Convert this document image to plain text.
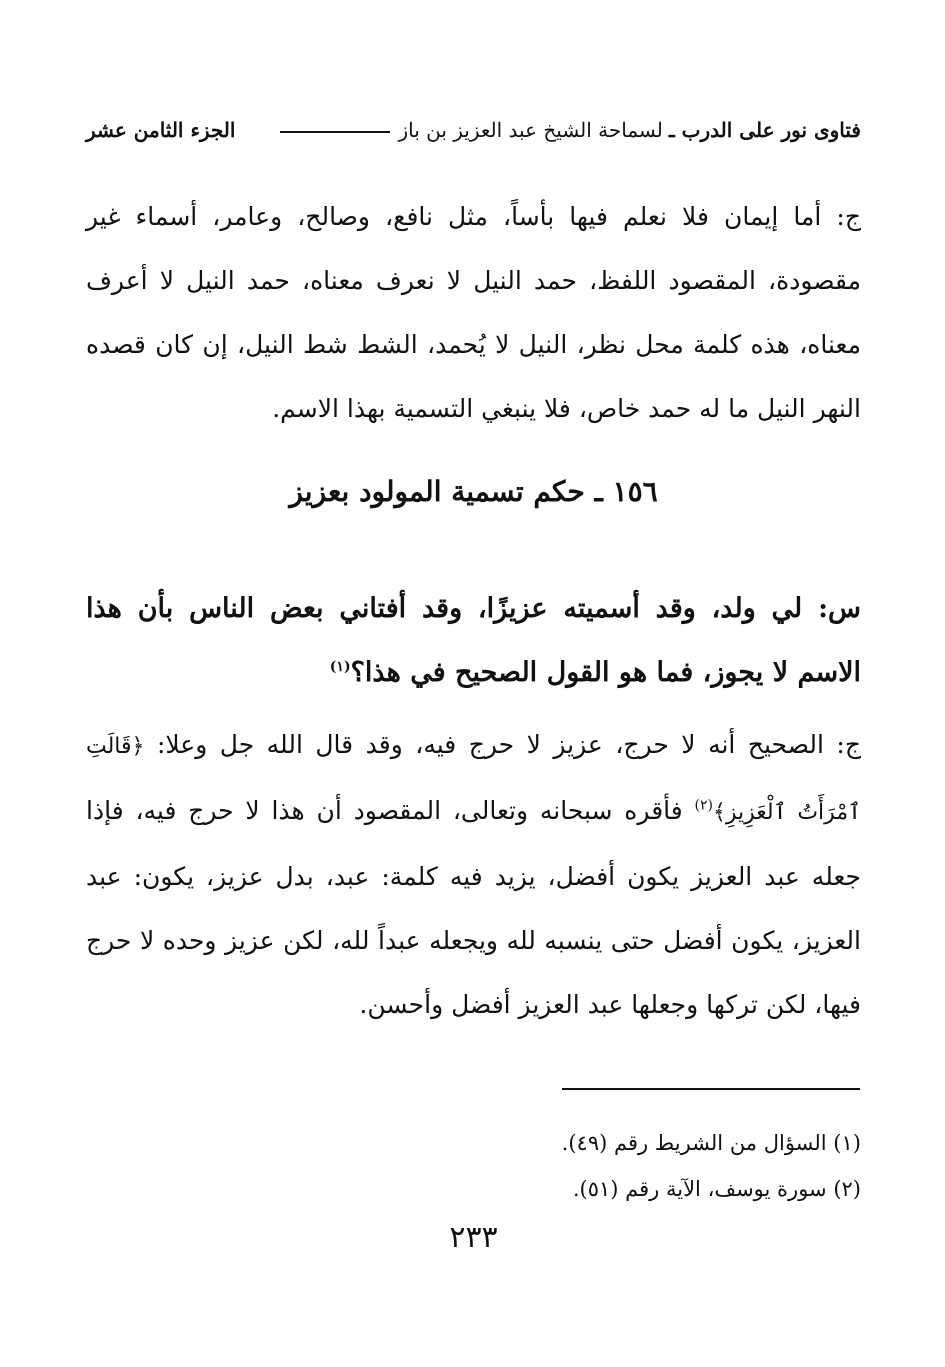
فتاوى نور على الدرب ـ
لسماحة الشيخ عبد العزيز بن باز
الجزء الثامن عشر

ج: أما إيمان فلا نعلم فيها بأساً، مثل نافع، وصالح، وعامر، أسماء غير مقصودة، المقصود اللفظ، حمد النيل لا نعرف معناه، حمد النيل لا أعرف معناه، هذه كلمة محل نظر، النيل لا يُحمد، الشط شط النيل، إن كان قصده النهر النيل ما له حمد خاص، فلا ينبغي التسمية بهذا الاسم.

١٥٦ ـ حكم تسمية المولود بعزيز

س: لي ولد، وقد أسميته عزيزًا، وقد أفتاني بعض الناس بأن هذا الاسم لا يجوز، فما هو القول الصحيح في هذا؟$^{(١)}$

ج: الصحيح أنه لا حرج، عزيز لا حرج فيه، وقد قال الله جل وعلا: ﴿قَالَتِ ٱمْرَأَتُ ٱلْعَزِيزِ﴾$^{(٢)}$ فأقره سبحانه وتعالى، المقصود أن هذا لا حرج فيه، فإذا جعله عبد العزيز يكون أفضل، يزيد فيه كلمة: عبد، بدل عزيز، يكون: عبد العزيز، يكون أفضل حتى ينسبه لله ويجعله عبداً لله، لكن عزيز وحده لا حرج فيها، لكن تركها وجعلها عبد العزيز أفضل وأحسن.

(١) السؤال من الشريط رقم (٤٩).
(٢) سورة يوسف، الآية رقم (٥١).
٢٣٣
